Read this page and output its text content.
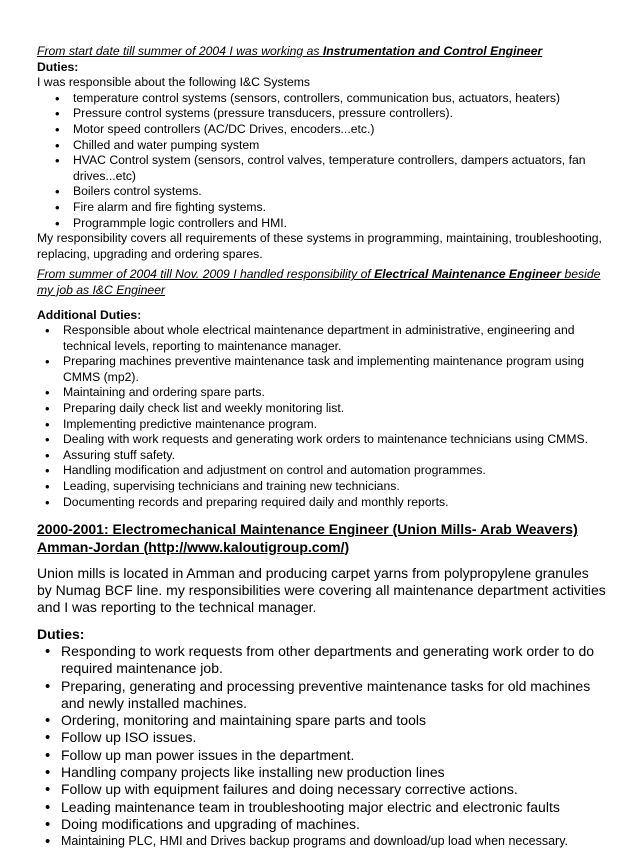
From start date till summer of 2004 I was working as Instrumentation and Control Engineer

Duties:

I was responsible about the following I&C Systems

• temperature control systems (sensors, controllers, communication bus, actuators, heaters)
• Pressure control systems (pressure transducers, pressure controllers).
• Motor speed controllers (AC/DC Drives, encoders...etc.)
• Chilled and water pumping system
• HVAC Control system (sensors, control valves, temperature controllers, dampers actuators, fan drives...etc)
• Boilers control systems.
• Fire alarm and fire fighting systems.
• Programmple logic controllers and HMI.

My responsibility covers all requirements of these systems in programming, maintaining, troubleshooting, replacing, upgrading and ordering spares.

From summer of 2004 till Nov. 2009 I handled responsibility of Electrical Maintenance Engineer beside my job as I&C Engineer

Additional Duties:

• Responsible about whole electrical maintenance department in administrative, engineering and technical levels, reporting to maintenance manager.
• Preparing machines preventive maintenance task and implementing maintenance program using CMMS (mp2).
• Maintaining and ordering spare parts.
• Preparing daily check list and weekly monitoring list.
• Implementing predictive maintenance program.
• Dealing with work requests and generating work orders to maintenance technicians using CMMS.
• Assuring stuff safety.
• Handling modification and adjustment on control and automation programmes.
• Leading, supervising technicians and training new technicians.
• Documenting records and preparing required daily and monthly reports.

2000-2001: Electromechanical Maintenance Engineer (Union Mills- Arab Weavers)

Amman-Jordan (http://www.kaloutigroup.com/)

Union mills is located in Amman and producing carpet yarns from polypropylene granules by Numag BCF line. my responsibilities were covering all maintenance department activities and I was reporting to the technical manager.

Duties:

• Responding to work requests from other departments and generating work order to do required maintenance job.
• Preparing, generating and processing preventive maintenance tasks for old machines and newly installed machines.
• Ordering, monitoring and maintaining spare parts and tools
• Follow up ISO issues.
• Follow up man power issues in the department.
• Handling company projects like installing new production lines
• Follow up with equipment failures and doing necessary corrective actions.
• Leading maintenance team in troubleshooting major electric and electronic faults
• Doing modifications and upgrading of machines.
• Maintaining PLC, HMI and Drives backup programs and download/up load when necessary.
